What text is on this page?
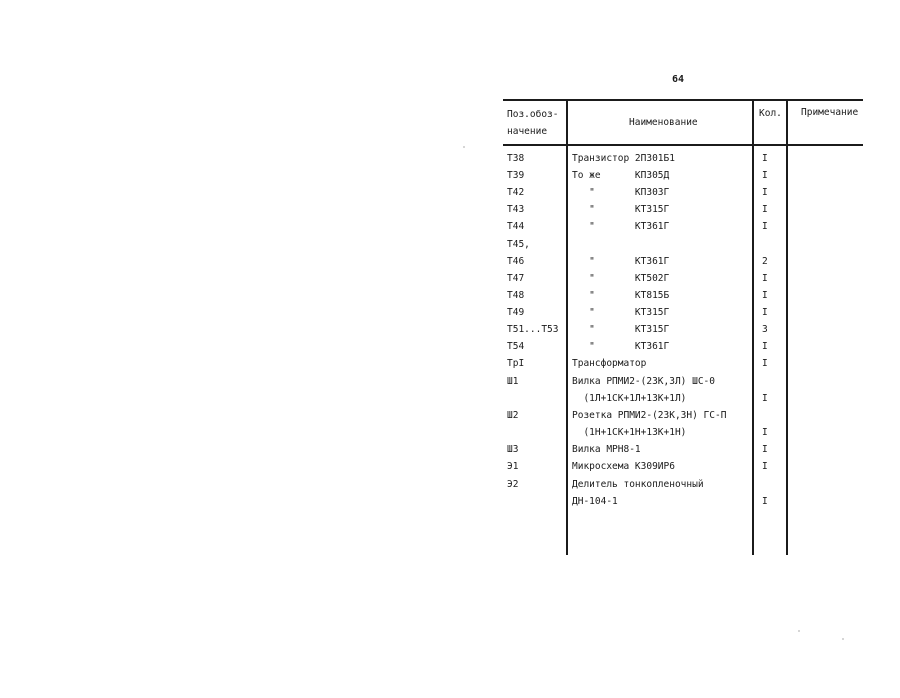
64
Поз.обоз-
начение
Наименование
Кол. Примечание
Т38	Транзистор 2П301Б1	I
Т39	То же      КП305Д	I
Т42	"       КП303Г	I
Т43	"       КТ315Г	I
Т44	"       КТ361Г	I
Т45,
Т46	"       КТ361Г	2
Т47	"       КТ502Г	I
Т48	"       КТ815Б	I
Т49	"       КТ315Г	I
Т51...Т53 "       КТ315Г	3
Т54	"       КТ361Г	I
ТрI	Трансформатор	I
Ш1	Вилка РПМИ2-(23К,3Л) ШС-0
(1Л+1СК+1Л+13К+1Л)	I
Ш2	Розетка РПМИ2-(23К,3Н) ГС-П
(1Н+1СК+1Н+13К+1Н)	I
Ш3	Вилка МРН8-1	I
Э1	Микросхема К309ИР6	I
Э2	Делитель тонкопленочный
ДН-104-1	I
